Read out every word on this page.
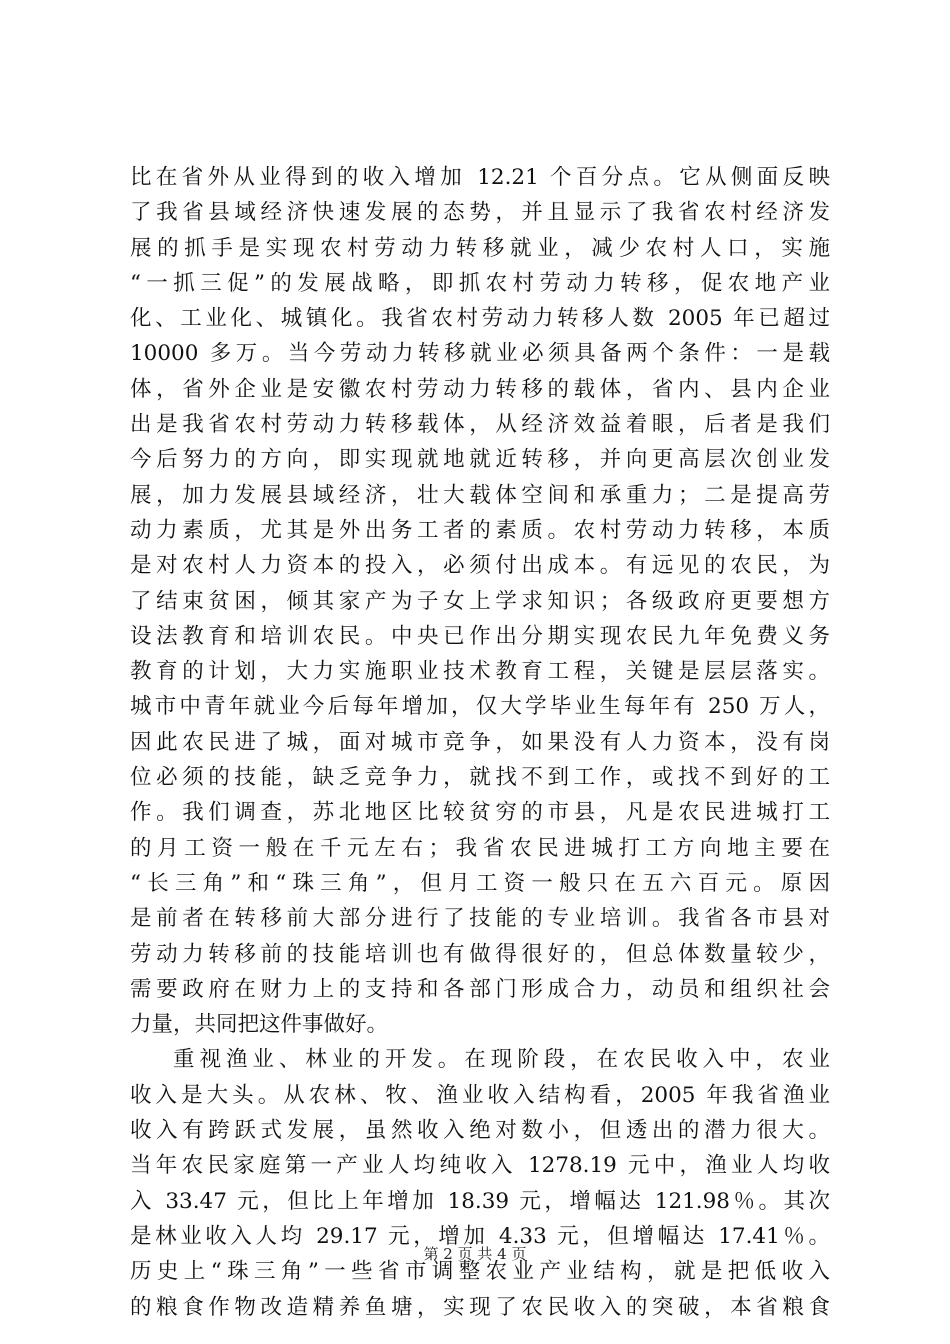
比在省外从业得到的收入增加 12.21 个百分点。它从侧面反映
了我省县域经济快速发展的态势，并且显示了我省农村经济发
展的抓手是实现农村劳动力转移就业，减少农村人口，实施
“一抓三促”的发展战略，即抓农村劳动力转移，促农地产业
化、工业化、城镇化。我省农村劳动力转移人数 2005 年已超过
10000 多万。当今劳动力转移就业必须具备两个条件：一是载
体，省外企业是安徽农村劳动力转移的载体，省内、县内企业
出是我省农村劳动力转移载体，从经济效益着眼，后者是我们
今后努力的方向，即实现就地就近转移，并向更高层次创业发
展，加力发展县域经济，壮大载体空间和承重力；二是提高劳
动力素质，尤其是外出务工者的素质。农村劳动力转移，本质
是对农村人力资本的投入，必须付出成本。有远见的农民，为
了结束贫困，倾其家产为子女上学求知识；各级政府更要想方
设法教育和培训农民。中央已作出分期实现农民九年免费义务
教育的计划，大力实施职业技术教育工程，关键是层层落实。
城市中青年就业今后每年增加，仅大学毕业生每年有 250 万人，
因此农民进了城，面对城市竞争，如果没有人力资本，没有岗
位必须的技能，缺乏竞争力，就找不到工作，或找不到好的工
作。我们调查，苏北地区比较贫穷的市县，凡是农民进城打工
的月工资一般在千元左右；我省农民进城打工方向地主要在
“长三角”和“珠三角”，但月工资一般只在五六百元。原因
是前者在转移前大部分进行了技能的专业培训。我省各市县对
劳动力转移前的技能培训也有做得很好的，但总体数量较少，
需要政府在财力上的支持和各部门形成合力，动员和组织社会
力量，共同把这件事做好。
重视渔业、林业的开发。在现阶段，在农民收入中，农业
收入是大头。从农林、牧、渔业收入结构看，2005 年我省渔业
收入有跨跃式发展，虽然收入绝对数小，但透出的潜力很大。
当年农民家庭第一产业人均纯收入 1278.19 元中，渔业人均收
入 33.47 元，但比上年增加 18.39 元，增幅达 121.98％。其次
是林业收入人均 29.17 元，增加 4.33 元，但增幅达 17.41％。
历史上“珠三角”一些省市调整农业产业结构，就是把低收入
的粮食作物改造精养鱼塘，实现了农民收入的突破，本省粮食
第 2 页 共 4 页
